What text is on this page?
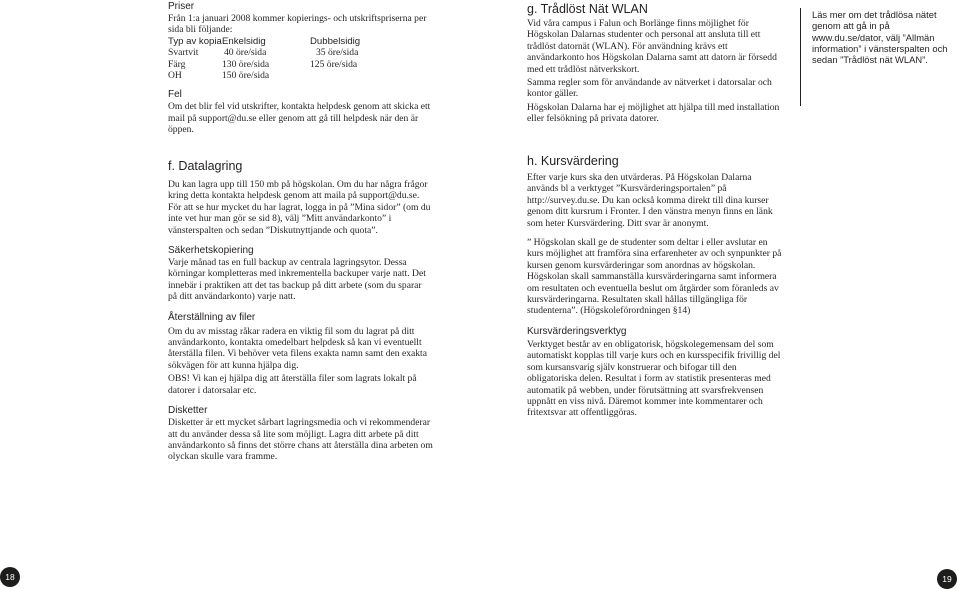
Priser

Från 1:a januari 2008 kommer kopierings- och utskriftspriserna per sida bli följande:

Typ av kopia Enkelsidig	Dubbelsidig
Svartvit	40 öre/sida	35 öre/sida
Färg	130 öre/sida	125 öre/sida
OH	150 öre/sida
Fel

Om det blir fel vid utskrifter, kontakta helpdesk genom att skicka ett mail på support@du.se eller genom att gå till helpdesk när den är öppen.

f. Datalagring

Du kan lagra upp till 150 mb på högskolan. Om du har några frågor kring detta kontakta helpdesk genom att maila på support@du.se.

För att se hur mycket du har lagrat, logga in på ”Mina sidor” (om du inte vet hur man gör se sid 8), välj ”Mitt användarkonto” i vänsterspalten och sedan ”Diskutnyttjande och quota”.

Säkerhetskopiering

Varje månad tas en full backup av centrala lagringsytor. Dessa körningar kompletteras med inkrementella backuper varje natt. Det innebär i praktiken att det tas backup på ditt arbete (som du sparar på ditt användarkonto) varje natt.

Återställning av filer

Om du av misstag råkar radera en viktig fil som du lagrat på ditt användarkonto, kontakta omedelbart helpdesk så kan vi eventuellt återställa filen. Vi behöver veta filens exakta namn samt den exakta sökvägen för att kunna hjälpa dig.

OBS! Vi kan ej hjälpa dig att återställa filer som lagrats lokalt på datorer i datorsalar etc.

Disketter

Disketter är ett mycket sårbart lagringsmedia och vi rekommenderar att du använder dessa så lite som möjligt. Lagra ditt arbete på ditt användarkonto så finns det större chans att återställa dina arbeten om olyckan skulle vara framme.

18
g. Trådlöst Nät WLAN

Vid våra campus i Falun och Borlänge finns möjlighet för Högskolan Dalarnas studenter och personal att ansluta till ett trådlöst datornät (WLAN). För användning krävs ett användarkonto hos Högskolan Dalarna samt att datorn är försedd med ett trådlöst nätverkskort.

Samma regler som för användande av nätverket i datorsalar och kontor gäller.

Högskolan Dalarna har ej möjlighet att hjälpa till med installation eller felsökning på privata datorer.

Läs mer om det trådlösa nätet genom att gå in på www.du.se/dator, välj ”Allmän information” i vänsterspalten och sedan ”Trådlöst nät WLAN”.
h. Kursvärdering

Efter varje kurs ska den utvärderas. På Högskolan Dalarna används bl a verktyget ”Kursvärderingsportalen” på http://survey.du.se. Du kan också komma direkt till dina kurser genom ditt kursrum i Fronter. I den vänstra menyn finns en länk som heter Kursvärdering. Ditt svar är anonymt.

” Högskolan skall ge de studenter som deltar i eller avslutar en kurs möjlighet att framföra sina erfarenheter av och synpunkter på kursen genom kursvärderingar som anordnas av högskolan. Högskolan skall sammanställa kursvärderingarna samt informera om resultaten och eventuella beslut om åtgärder som föranleds av kursvärderingarna. Resultaten skall hållas tillgängliga för studenterna”. (Högskoleförordningen §14)

Kursvärderingsverktyg

Verktyget består av en obligatorisk, högskolegemensam del som automatiskt kopplas till varje kurs och en kursspecifik frivillig del som kursansvarig själv konstruerar och bifogar till den obligatoriska delen. Resultat i form av statistik presenteras med automatik på webben, under förutsättning att svarsfrekvensen uppnått en viss nivå. Däremot kommer inte kommentarer och fritextsvar att offentliggöras.

19
